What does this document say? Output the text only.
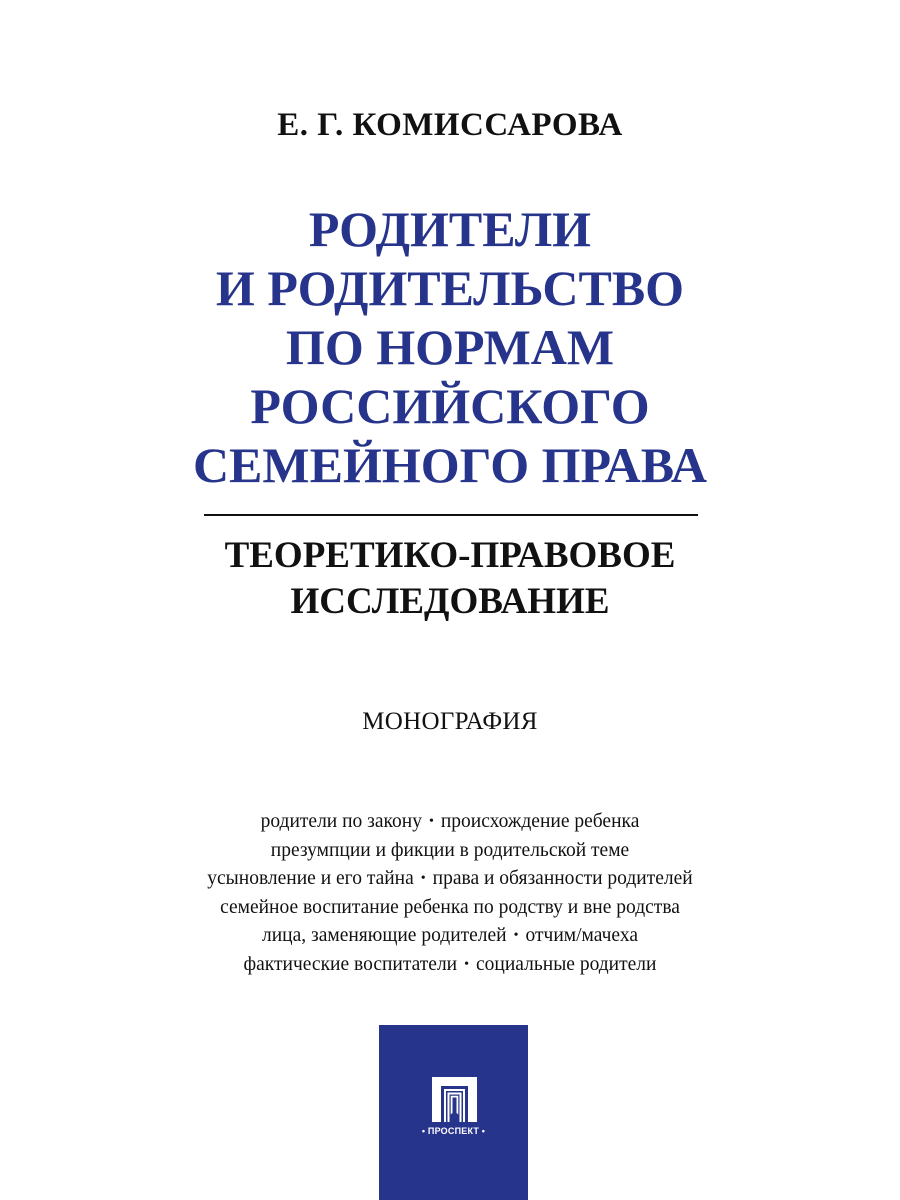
Е. Г. КОМИССАРОВА
РОДИТЕЛИ
И РОДИТЕЛЬСТВО
ПО НОРМАМ
РОССИЙСКОГО
СЕМЕЙНОГО ПРАВА
ТЕОРЕТИКО-ПРАВОВОЕ
ИССЛЕДОВАНИЕ
МОНОГРАФИЯ
родители по закону • происхождение ребенка
презумпции и фикции в родительской теме
усыновление и его тайна • права и обязанности родителей
семейное воспитание ребенка по родству и вне родства
лица, заменяющие родителей • отчим/мачеха
фактические воспитатели • социальные родители
• ПРОСПЕКТ •
